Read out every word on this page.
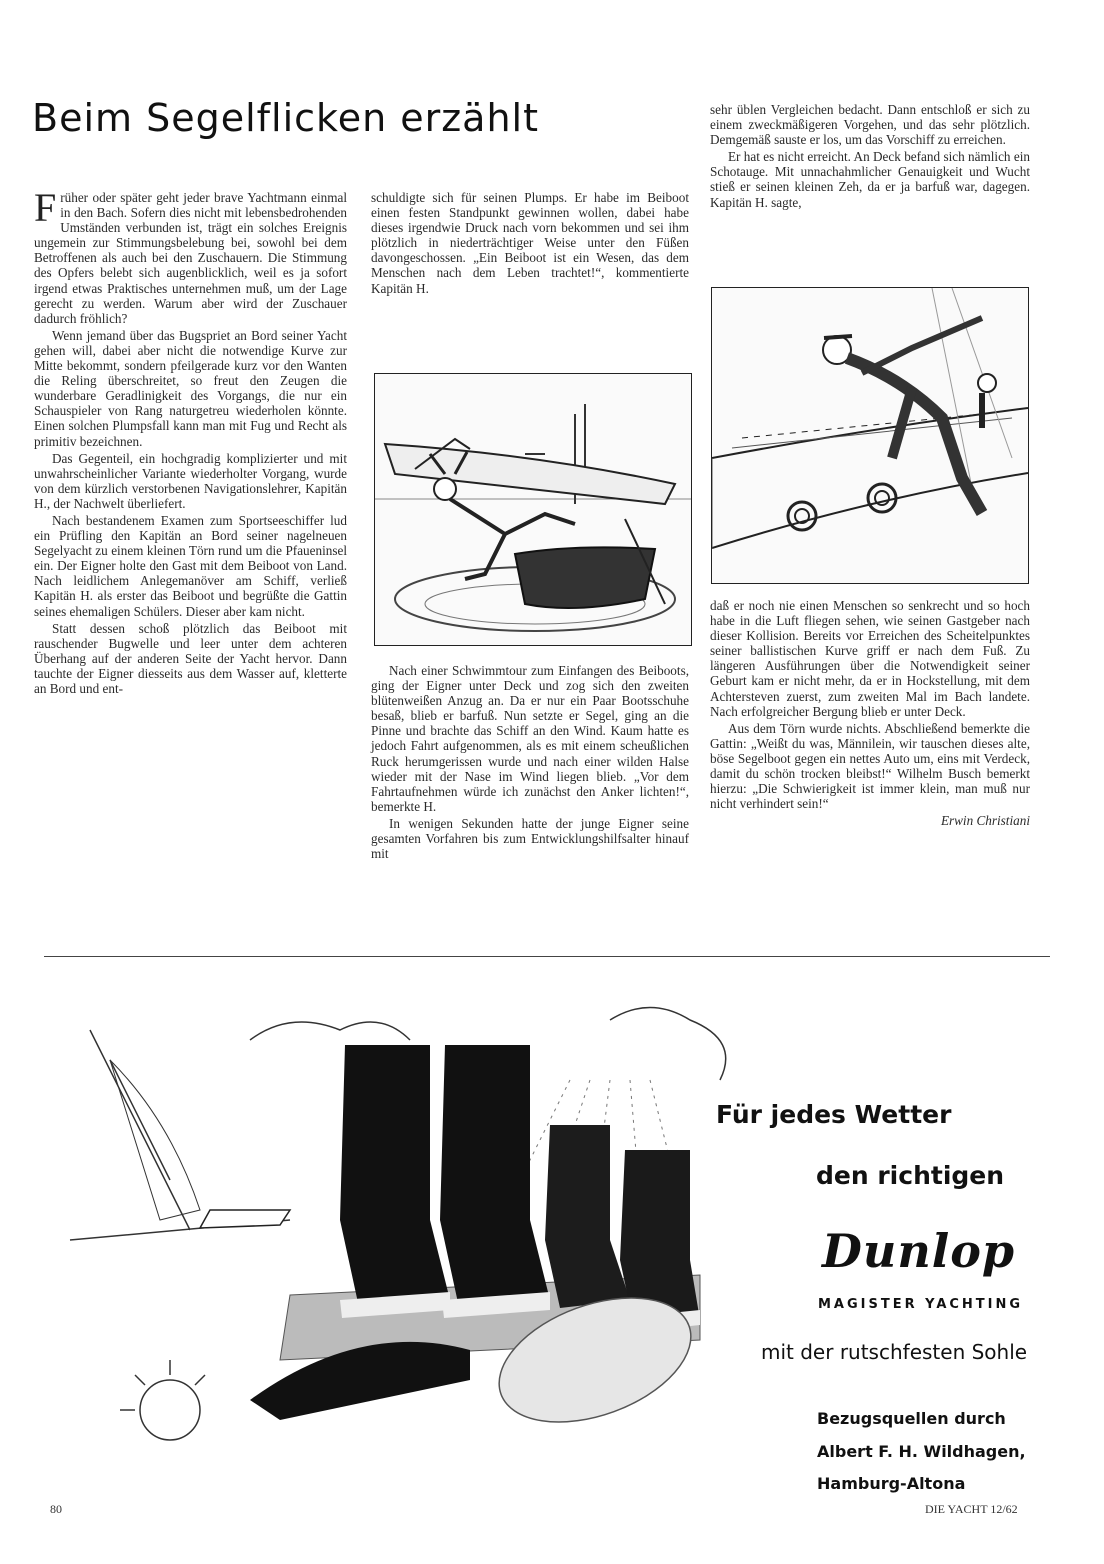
Beim Segelflicken erzählt

Früher oder später geht jeder brave Yachtmann einmal in den Bach. Sofern dies nicht mit lebensbedrohenden Umständen verbunden ist, trägt ein solches Ereignis ungemein zur Stimmungsbelebung bei, sowohl bei dem Betroffenen als auch bei den Zuschauern. Die Stimmung des Opfers belebt sich augenblicklich, weil es ja sofort irgend etwas Praktisches unternehmen muß, um der Lage gerecht zu werden. Warum aber wird der Zuschauer dadurch fröhlich?

Wenn jemand über das Bugspriet an Bord seiner Yacht gehen will, dabei aber nicht die notwendige Kurve zur Mitte bekommt, sondern pfeilgerade kurz vor den Wanten die Reling überschreitet, so freut den Zeugen die wunderbare Geradlinigkeit des Vorgangs, die nur ein Schauspieler von Rang naturgetreu wiederholen könnte. Einen solchen Plumpsfall kann man mit Fug und Recht als primitiv bezeichnen.

Das Gegenteil, ein hochgradig komplizierter und mit unwahrscheinlicher Variante wiederholter Vorgang, wurde von dem kürzlich verstorbenen Navigationslehrer, Kapitän H., der Nachwelt überliefert.

Nach bestandenem Examen zum Sportseeschiffer lud ein Prüfling den Kapitän an Bord seiner nagelneuen Segelyacht zu einem kleinen Törn rund um die Pfaueninsel ein. Der Eigner holte den Gast mit dem Beiboot von Land. Nach leidlichem Anlegemanöver am Schiff, verließ Kapitän H. als erster das Beiboot und begrüßte die Gattin seines ehemaligen Schülers. Dieser aber kam nicht.

Statt dessen schoß plötzlich das Beiboot mit rauschender Bugwelle und leer unter dem achteren Überhang auf der anderen Seite der Yacht hervor. Dann tauchte der Eigner diesseits aus dem Wasser auf, kletterte an Bord und ent-

schuldigte sich für seinen Plumps. Er habe im Beiboot einen festen Standpunkt gewinnen wollen, dabei habe dieses irgendwie Druck nach vorn bekommen und sei ihm plötzlich in niederträchtiger Weise unter den Füßen davongeschossen. „Ein Beiboot ist ein Wesen, das dem Menschen nach dem Leben trachtet!“, kommentierte Kapitän H.

Nach einer Schwimmtour zum Einfangen des Beiboots, ging der Eigner unter Deck und zog sich den zweiten blütenweißen Anzug an. Da er nur ein Paar Bootsschuhe besaß, blieb er barfuß. Nun setzte er Segel, ging an die Pinne und brachte das Schiff an den Wind. Kaum hatte es jedoch Fahrt aufgenommen, als es mit einem scheußlichen Ruck herumgerissen wurde und nach einer wilden Halse wieder mit der Nase im Wind liegen blieb. „Vor dem Fahrtaufnehmen würde ich zunächst den Anker lichten!“, bemerkte H.

In wenigen Sekunden hatte der junge Eigner seine gesamten Vorfahren bis zum Entwicklungshilfsalter hinauf mit

sehr üblen Vergleichen bedacht. Dann entschloß er sich zu einem zweckmäßigeren Vorgehen, und das sehr plötzlich. Demgemäß sauste er los, um das Vorschiff zu erreichen.

Er hat es nicht erreicht. An Deck befand sich nämlich ein Schotauge. Mit unnachahmlicher Genauigkeit und Wucht stieß er seinen kleinen Zeh, da er ja barfuß war, dagegen. Kapitän H. sagte,

daß er noch nie einen Menschen so senkrecht und so hoch habe in die Luft fliegen sehen, wie seinen Gastgeber nach dieser Kollision. Bereits vor Erreichen des Scheitelpunktes seiner ballistischen Kurve griff er nach dem Fuß. Zu längeren Ausführungen über die Notwendigkeit seiner Geburt kam er nicht mehr, da er in Hockstellung, mit dem Achtersteven zuerst, zum zweiten Mal im Bach landete. Nach erfolgreicher Bergung blieb er unter Deck.

Aus dem Törn wurde nichts. Abschließend bemerkte die Gattin: „Weißt du was, Männilein, wir tauschen dieses alte, böse Segelboot gegen ein nettes Auto um, eins mit Verdeck, damit du schön trocken bleibst!“ Wilhelm Busch bemerkt hierzu: „Die Schwierigkeit ist immer klein, man muß nur nicht verhindert sein!“

Erwin Christiani

Für jedes Wetter
den richtigen
Dunlop
MAGISTER YACHTING
mit der rutschfesten Sohle
Bezugsquellen durch
Albert F. H. Wildhagen,
Hamburg-Altona
80	DIE YACHT 12/62
